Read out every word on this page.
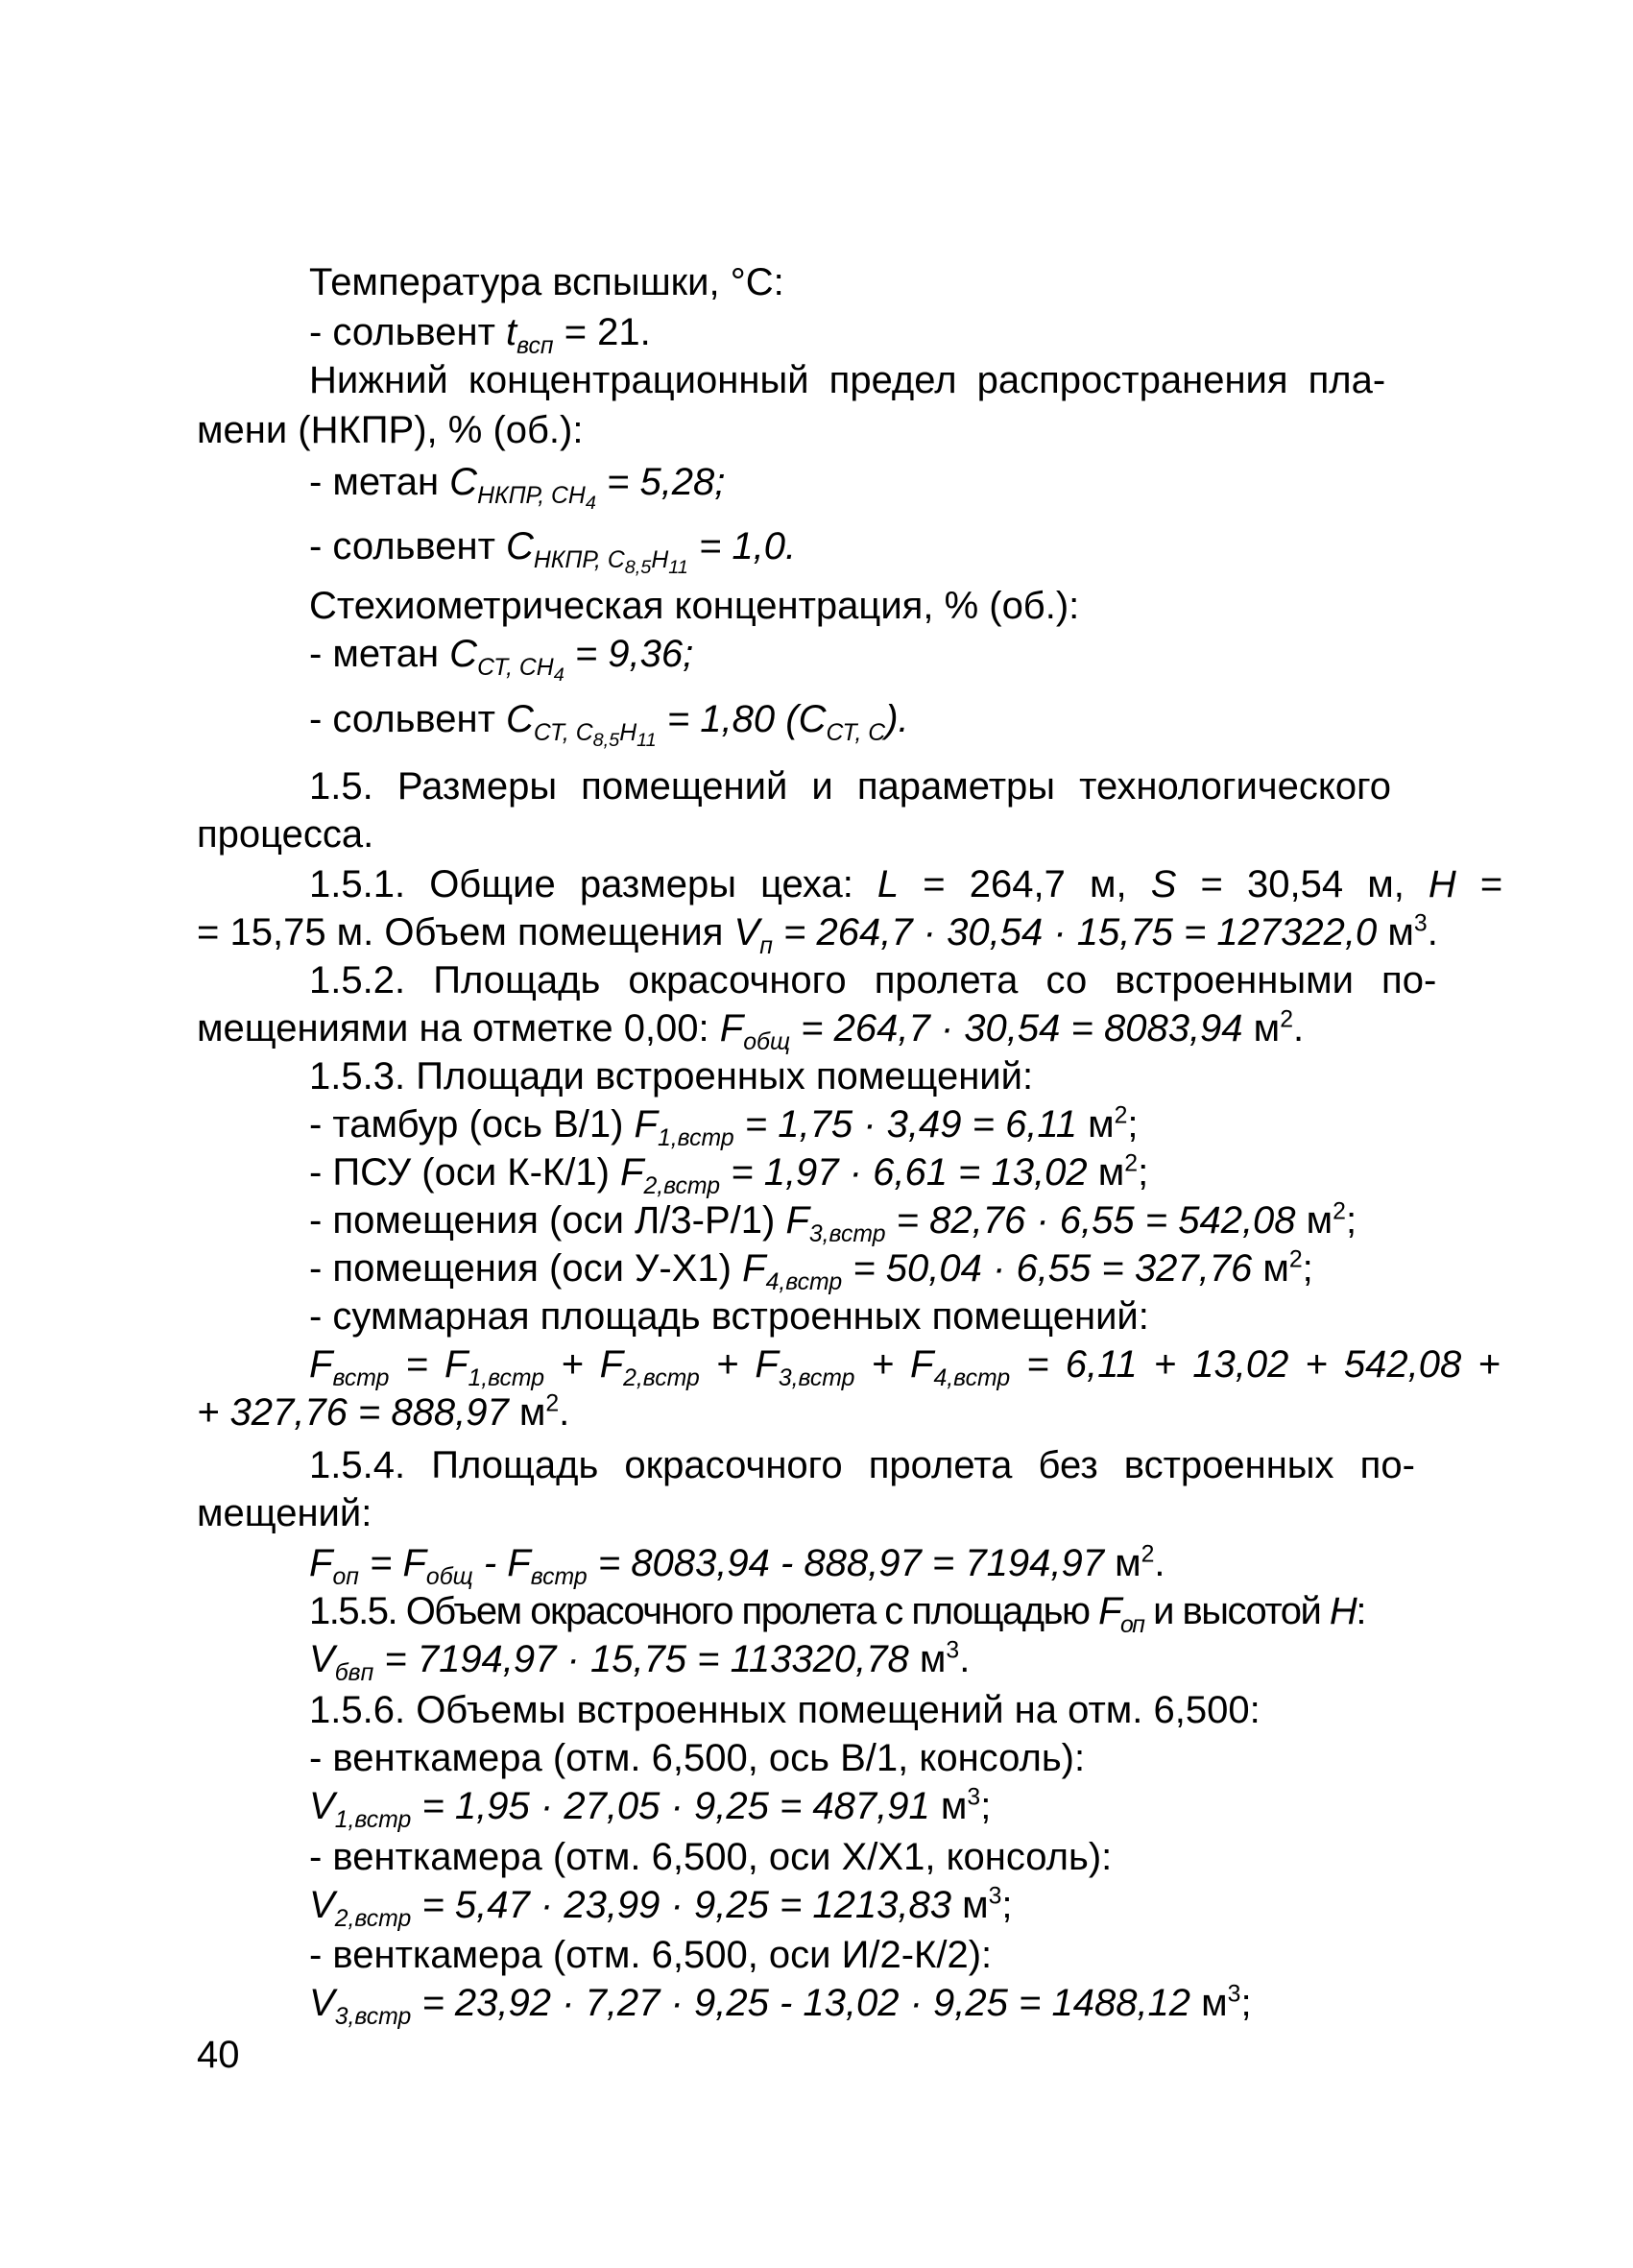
Температура вспышки, °С:
- сольвент $t_{всп} = 21$.
Нижний концентрационный предел распространения пла-
мени (НКПР), % (об.):
- метан $C_{НКПР, СН_4} = 5,28$;
- сольвент $C_{НКПР, С_{8,5}Н_{11}} = 1,0$.
Стехиометрическая концентрация, % (об.):
- метан $C_{СТ, СН_4} = 9,36$;
- сольвент $C_{СТ, С_{8,5}Н_{11}} = 1,80$ $(C_{СТ, С})$.
1.5. Размеры помещений и параметры технологического
процесса.
1.5.1. Общие размеры цеха: L = 264,7 м, S = 30,54 м, H =
= 15,75 м. Объем помещения $V_п = 264,7 \cdot 30,54 \cdot 15,75 = 127322,0$ $м^3$.
1.5.2. Площадь окрасочного пролета со встроенными по-
мещениями на отметке 0,00: $F_{общ} = 264,7 \cdot 30,54 = 8083,94$ $м^2$.
1.5.3. Площади встроенных помещений:
- тамбур (ось В/1) $F_{1,встр} = 1,75 \cdot 3,49 = 6,11$ $м^2$;
- ПСУ (оси К-К/1) $F_{2,встр} = 1,97 \cdot 6,61 = 13,02$ $м^2$;
- помещения (оси Л/3-Р/1) $F_{3,встр} = 82,76 \cdot 6,55 = 542,08$ $м^2$;
- помещения (оси У-Х1) $F_{4,встр} = 50,04 \cdot 6,55 = 327,76$ $м^2$;
- суммарная площадь встроенных помещений:
$F_{встр} = F_{1,встр} + F_{2,встр} + F_{3,встр} + F_{4,встр} = 6,11 + 13,02 + 542,08$ +
+ 327,76 = 888,97 $м^2$.
1.5.4. Площадь окрасочного пролета без встроенных по-
мещений:
$F_{оп} = F_{общ} - F_{встр} = 8083,94 - 888,97 = 7194,97$ $м^2$.
1.5.5. Объем окрасочного пролета с площадью $F_{оп}$ и высотой H:
$V_{бвп} = 7194,97 \cdot 15,75 = 113320,78$ $м^3$.
1.5.6. Объемы встроенных помещений на отм. 6,500:
- венткамера (отм. 6,500, ось В/1, консоль):
$V_{1,встр} = 1,95 \cdot 27,05 \cdot 9,25 = 487,91$ $м^3$;
- венткамера (отм. 6,500, оси Х/Х1, консоль):
$V_{2,встр} = 5,47 \cdot 23,99 \cdot 9,25 = 1213,83$ $м^3$;
- венткамера (отм. 6,500, оси И/2-К/2):
$V_{3,встр} = 23,92 \cdot 7,27 \cdot 9,25 - 13,02 \cdot 9,25 = 1488,12$ $м^3$;
40
